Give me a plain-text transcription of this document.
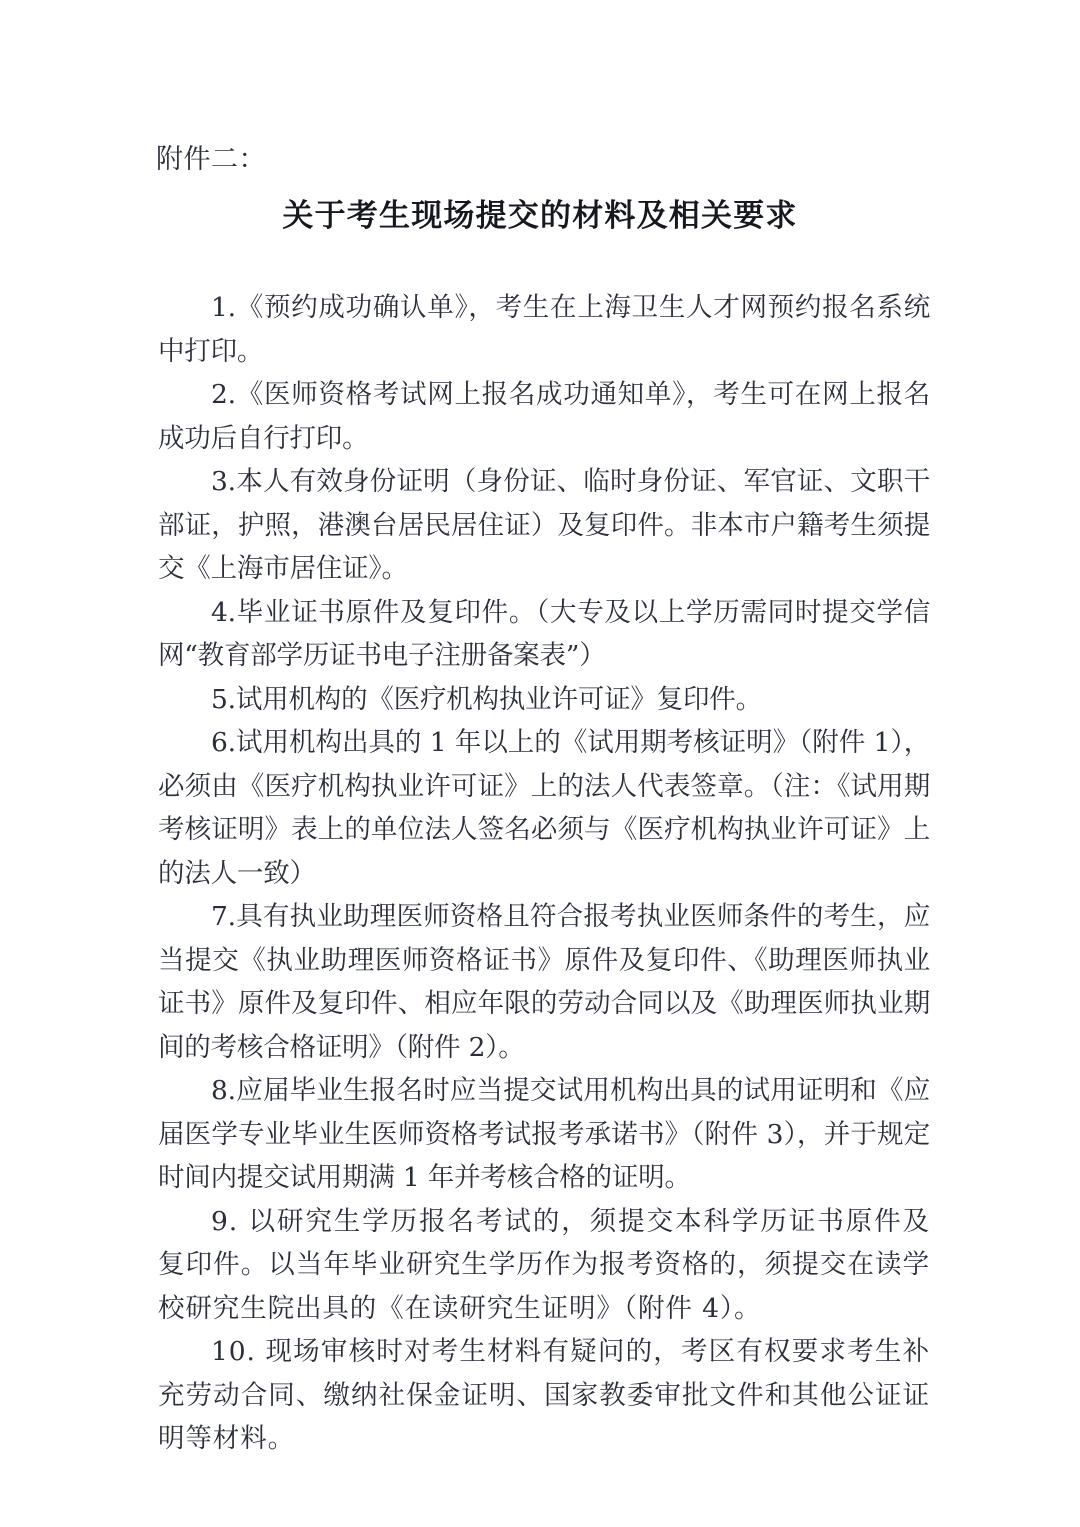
附件二：
关于考生现场提交的材料及相关要求

1.《预约成功确认单》，考生在上海卫生人才网预约报名系统中打印。

2.《医师资格考试网上报名成功通知单》，考生可在网上报名成功后自行打印。

3.本人有效身份证明（身份证、临时身份证、军官证、文职干部证，护照，港澳台居民居住证）及复印件。非本市户籍考生须提交《上海市居住证》。

4.毕业证书原件及复印件。（大专及以上学历需同时提交学信网“教育部学历证书电子注册备案表”）

5.试用机构的《医疗机构执业许可证》复印件。

6.试用机构出具的 1 年以上的《试用期考核证明》（附件 1），必须由《医疗机构执业许可证》上的法人代表签章。（注：《试用期考核证明》表上的单位法人签名必须与《医疗机构执业许可证》上的法人一致）

7.具有执业助理医师资格且符合报考执业医师条件的考生，应当提交《执业助理医师资格证书》原件及复印件、《助理医师执业证书》原件及复印件、相应年限的劳动合同以及《助理医师执业期间的考核合格证明》（附件 2）。

8.应届毕业生报名时应当提交试用机构出具的试用证明和《应届医学专业毕业生医师资格考试报考承诺书》（附件 3），并于规定时间内提交试用期满 1 年并考核合格的证明。

9. 以研究生学历报名考试的，须提交本科学历证书原件及复印件。以当年毕业研究生学历作为报考资格的，须提交在读学校研究生院出具的《在读研究生证明》（附件 4）。

10. 现场审核时对考生材料有疑问的，考区有权要求考生补充劳动合同、缴纳社保金证明、国家教委审批文件和其他公证证明等材料。
